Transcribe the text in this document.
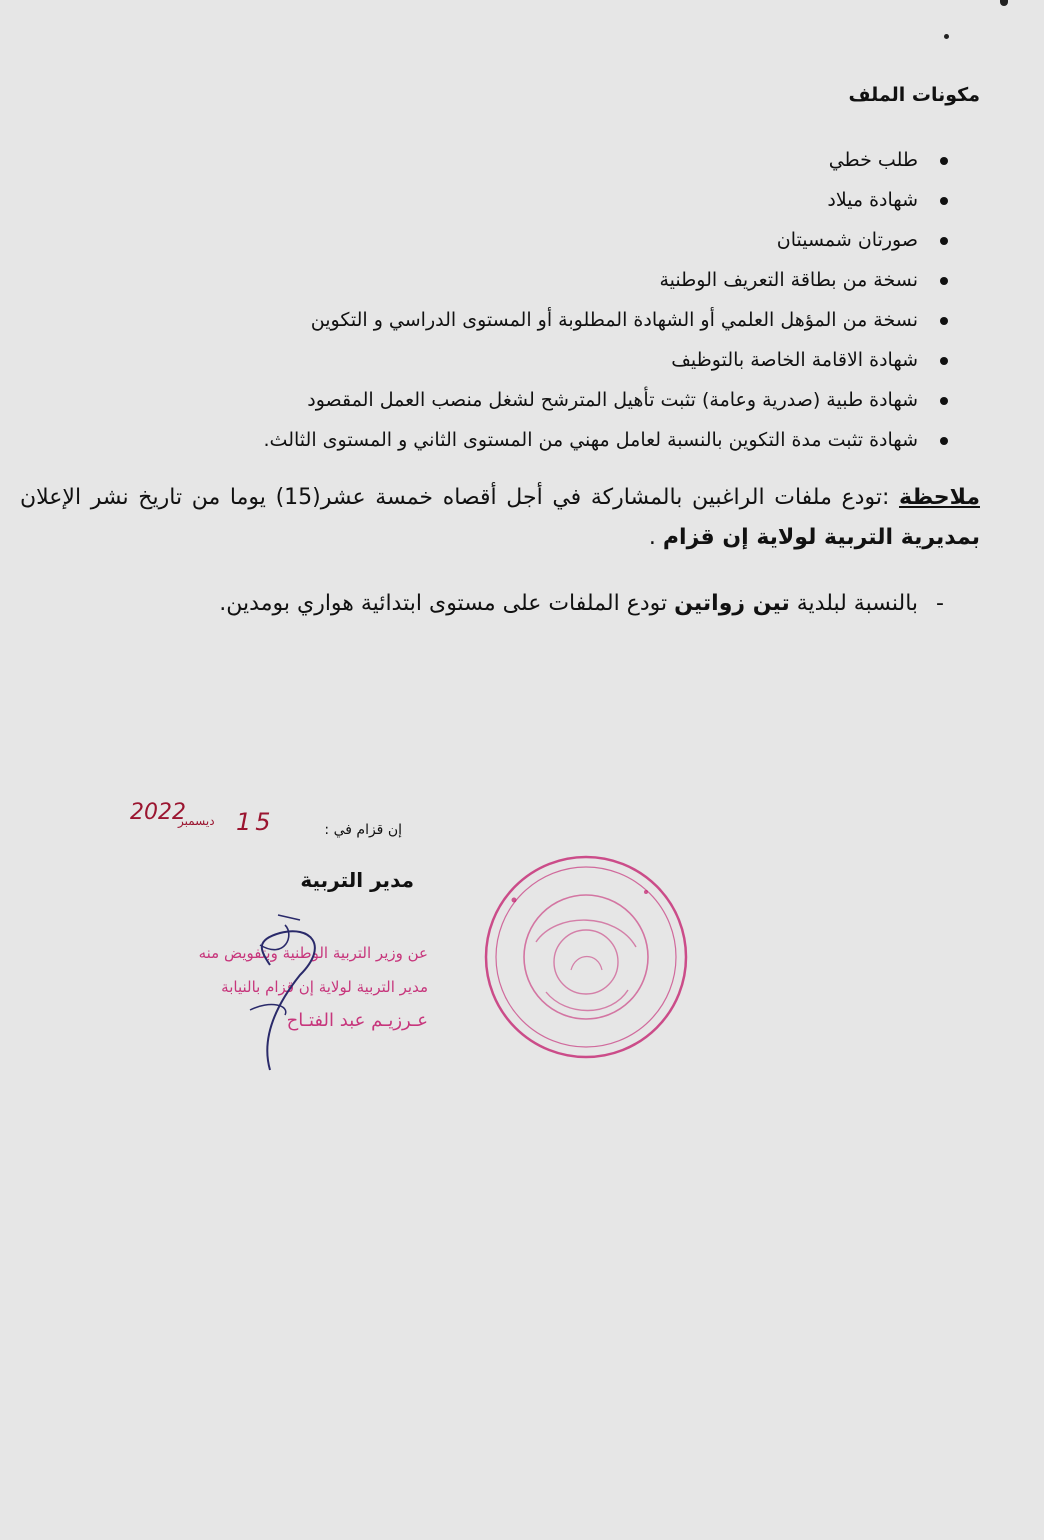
مكونات الملف
طلب خطي
شهادة ميلاد
صورتان شمسيتان
نسخة من بطاقة التعريف الوطنية
نسخة من المؤهل العلمي أو الشهادة المطلوبة أو المستوى الدراسي و التكوين
شهادة الاقامة الخاصة بالتوظيف
شهادة طبية (صدرية وعامة) تثبت تأهيل المترشح لشغل منصب العمل المقصود
شهادة تثبت مدة التكوين بالنسبة لعامل مهني من المستوى الثاني و المستوى الثالث.
ملاحظة :تودع ملفات الراغبين بالمشاركة في أجل أقصاه خمسة عشر(15) يوما من تاريخ نشر الإعلان بمديرية التربية لولاية إن قزام .
-بالنسبة لبلدية تين زواتين تودع الملفات على مستوى ابتدائية هواري بومدين.
2022
ديسمبر 15	إن قزام في :
مدير التربية
عن وزير التربية الوطنية وبتفويض منه
مدير التربية لولاية إن قزام بالنيابة
عـرزيـم عبد الفتـاح
